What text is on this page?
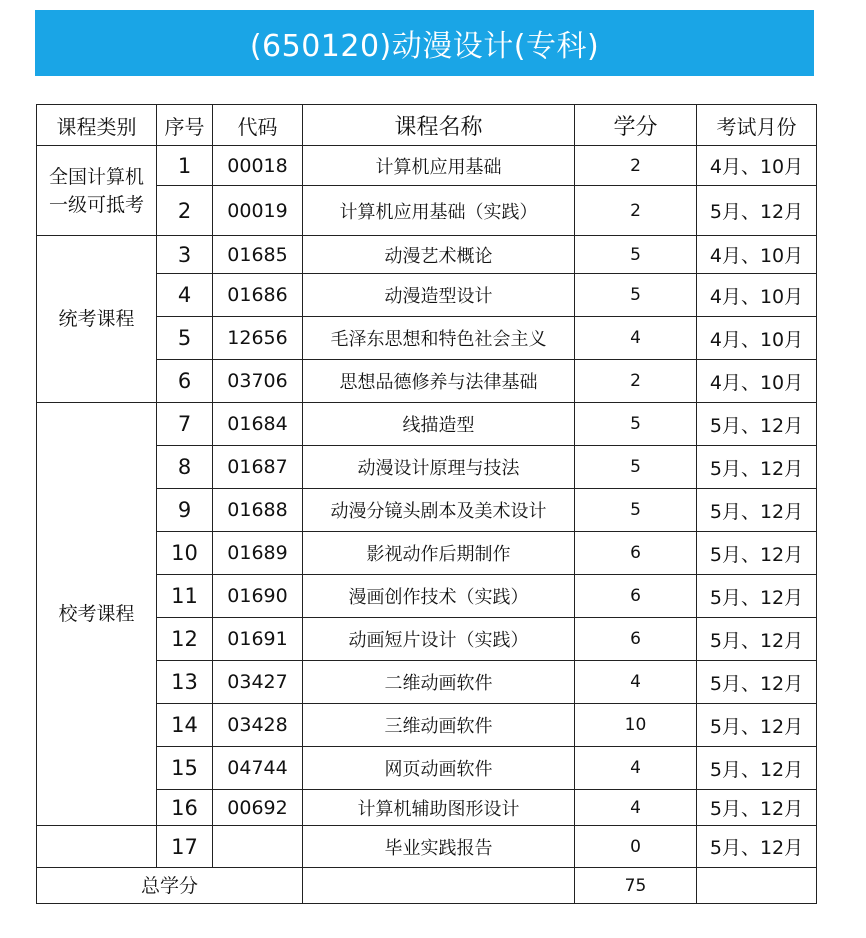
(650120)动漫设计(专科)
课程类别	序号	代码	课程名称	学分	考试月份
全国计算机一级可抵考	1	00018	计算机应用基础	2	4月、10月
	2	00019	计算机应用基础（实践）	2	5月、12月
统考课程	3	01685	动漫艺术概论	5	4月、10月
	4	01686	动漫造型设计	5	4月、10月
	5	12656	毛泽东思想和特色社会主义	4	4月、10月
	6	03706	思想品德修养与法律基础	2	4月、10月
校考课程	7	01684	线描造型	5	5月、12月
	8	01687	动漫设计原理与技法	5	5月、12月
	9	01688	动漫分镜头剧本及美术设计	5	5月、12月
	10	01689	影视动作后期制作	6	5月、12月
	11	01690	漫画创作技术（实践）	6	5月、12月
	12	01691	动画短片设计（实践）	6	5月、12月
	13	03427	二维动画软件	4	5月、12月
	14	03428	三维动画软件	10	5月、12月
	15	04744	网页动画软件	4	5月、12月
	16	00692	计算机辅助图形设计	4	5月、12月
	17		毕业实践报告	0	5月、12月
总学分				75	
